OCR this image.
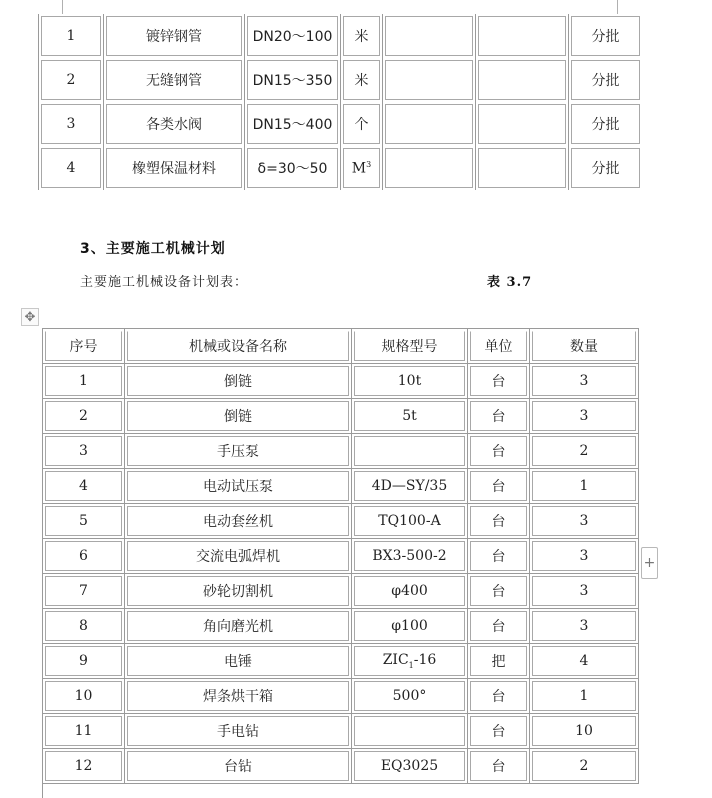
1	镀锌钢管	DN20～100	米			分批
2	无缝钢管	DN15～350	米			分批
3	各类水阀	DN15～400	个			分批
4	橡塑保温材料	δ=30～50	$M^3$			分批
3、主要施工机械计划
主要施工机械设备计划表：	表 3.7
✥
序号	机械或设备名称	规格型号	单位	数量
1	倒链	10t	台	3
2	倒链	5t	台	3
3	手压泵		台	2
4	电动试压泵	4D—SY/35	台	1
5	电动套丝机	TQ100-A	台	3
6	交流电弧焊机	BX3-500-2	台	3
7	砂轮切割机	φ400	台	3
8	角向磨光机	φ100	台	3
9	电锤	$ZIC_1-16$	把	4
10	焊条烘干箱	500°	台	1
11	手电钻		台	10
12	台钻	EQ3025	台	2
+
